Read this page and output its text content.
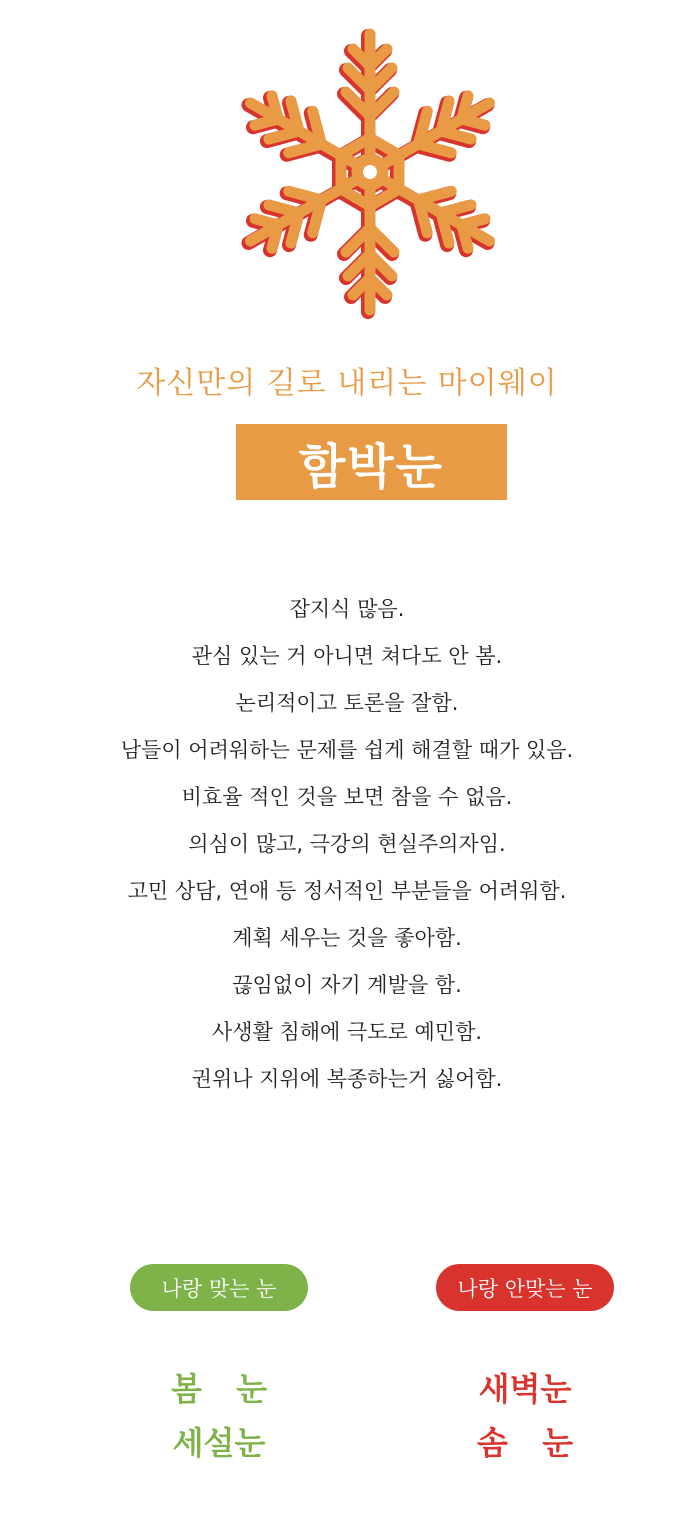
자신만의 길로 내리는 마이웨이
함박눈
잡지식 많음.
관심 있는 거 아니면 쳐다도 안 봄.
논리적이고 토론을 잘함.
남들이 어려워하는 문제를 쉽게 해결할 때가 있음.
비효율 적인 것을 보면 참을 수 없음.
의심이 많고, 극강의 현실주의자임.
고민 상담, 연애 등 정서적인 부분들을 어려워함.
계획 세우는 것을 좋아함.
끊임없이 자기 계발을 함.
사생활 침해에 극도로 예민함.
권위나 지위에 복종하는거 싫어함.
나랑 맞는 눈	나랑 안맞는 눈
봄 눈
세설눈
새벽눈
솜 눈
